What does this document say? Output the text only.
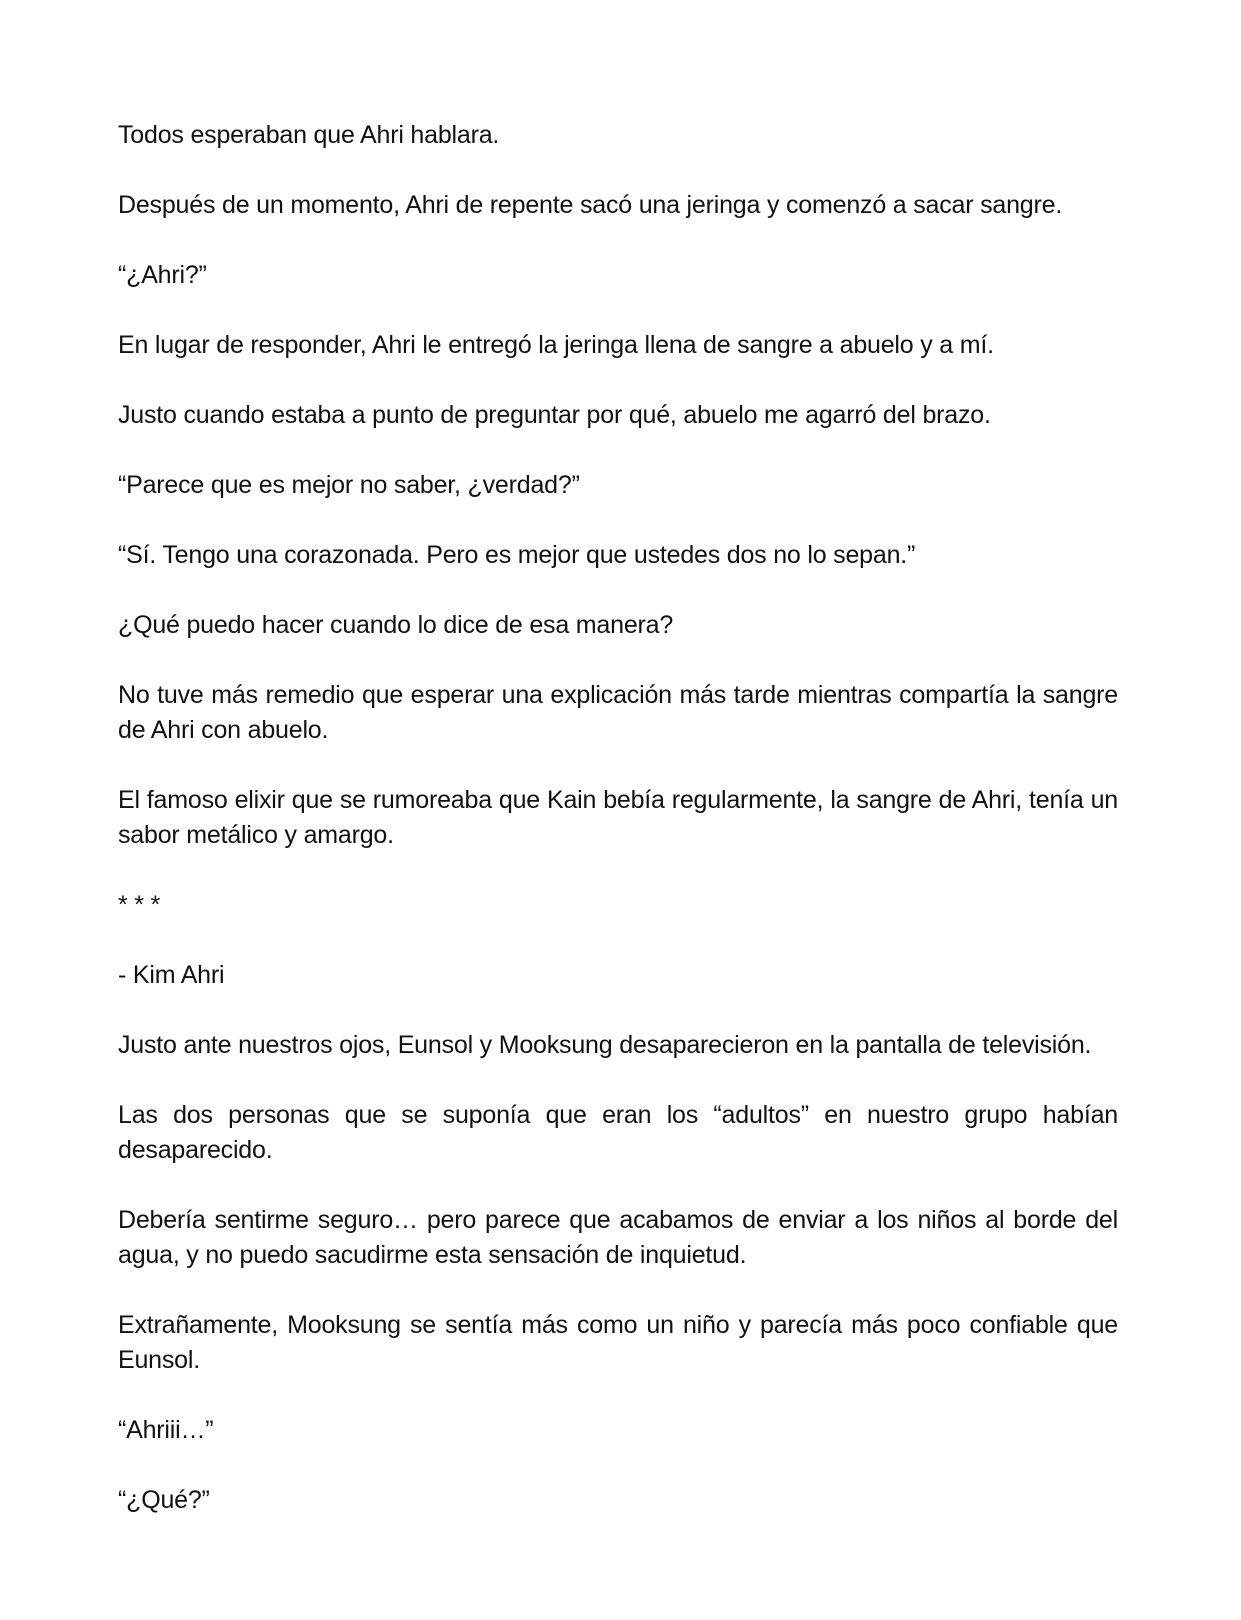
Todos esperaban que Ahri hablara.

Después de un momento, Ahri de repente sacó una jeringa y comenzó a sacar sangre.

“¿Ahri?”

En lugar de responder, Ahri le entregó la jeringa llena de sangre a abuelo y a mí.

Justo cuando estaba a punto de preguntar por qué, abuelo me agarró del brazo.

“Parece que es mejor no saber, ¿verdad?”

“Sí. Tengo una corazonada. Pero es mejor que ustedes dos no lo sepan.”

¿Qué puedo hacer cuando lo dice de esa manera?

No tuve más remedio que esperar una explicación más tarde mientras compartía la sangre de Ahri con abuelo.

El famoso elixir que se rumoreaba que Kain bebía regularmente, la sangre de Ahri, tenía un sabor metálico y amargo.

* * *

- Kim Ahri

Justo ante nuestros ojos, Eunsol y Mooksung desaparecieron en la pantalla de televisión.

Las dos personas que se suponía que eran los “adultos” en nuestro grupo habían desaparecido.

Debería sentirme seguro… pero parece que acabamos de enviar a los niños al borde del agua, y no puedo sacudirme esta sensación de inquietud.

Extrañamente, Mooksung se sentía más como un niño y parecía más poco confiable que Eunsol.

“Ahriii…”

“¿Qué?”
